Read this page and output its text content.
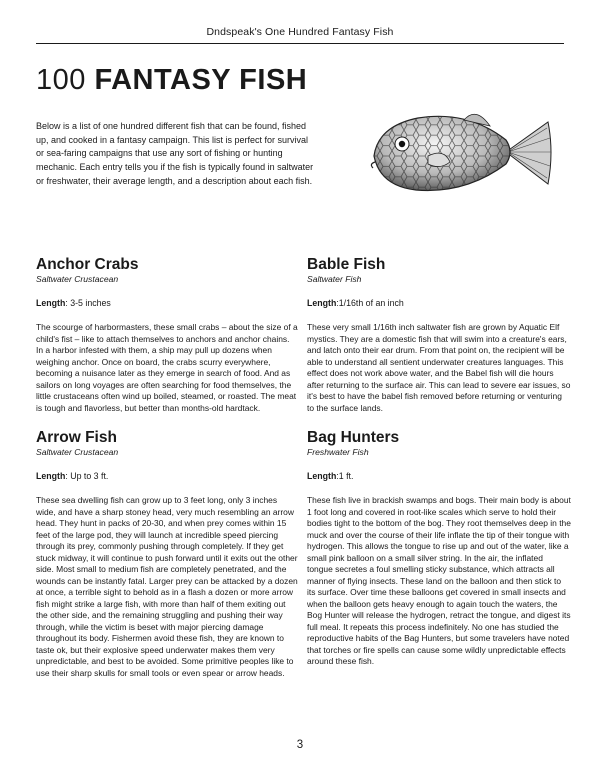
Dndspeak's One Hundred Fantasy Fish
100 FANTASY FISH

Below is a list of one hundred different fish that can be found, fished up, and cooked in a fantasy campaign. This list is perfect for survival or sea-faring campaigns that use any sort of fishing or hunting mechanic. Each entry tells you if the fish is typically found in saltwater or freshwater, their average length, and a description about each fish.

Anchor Crabs
Saltwater Crustacean
Length: 3-5 inches

The scourge of harbormasters, these small crabs – about the size of a child's fist – like to attach themselves to anchors and anchor chains. In a harbor infested with them, a ship may pull up dozens when weighing anchor. Once on board, the crabs scurry everywhere, becoming a nuisance later as they emerge in search of food. And as sailors on long voyages are often searching for food themselves, the little crustaceans often wind up boiled, steamed, or roasted. The meat is tough and flavorless, but better than months-old hardtack.

Bable Fish
Saltwater Fish
Length:1/16th of an inch

These very small 1/16th inch saltwater fish are grown by Aquatic Elf mystics. They are a domestic fish that will swim into a creature's ears, and latch onto their ear drum. From that point on, the recipient will be able to understand all sentient underwater creatures languages. This effect does not work above water, and the Babel fish will die hours after returning to the surface air. This can lead to severe ear issues, so it's best to have the babel fish removed before returning or venturing to the surface lands.

Arrow Fish
Saltwater Crustacean
Length: Up to 3 ft.

These sea dwelling fish can grow up to 3 feet long, only 3 inches wide, and have a sharp stoney head, very much resembling an arrow head. They hunt in packs of 20-30, and when prey comes within 15 feet of the large pod, they will launch at incredible speed piercing through its prey, commonly pushing through completely. If they get stuck midway, it will continue to push forward until it exits out the other side. Most small to medium fish are completely penetrated, and the wounds can be instantly fatal. Larger prey can be attacked by a dozen at once, a terrible sight to behold as in a flash a dozen or more arrow fish might strike a large fish, with more than half of them exiting out the other side, and the remaining struggling and pushing their way through, while the victim is beset with major piercing damage throughout its body. Fishermen avoid these fish, they are known to taste ok, but their explosive speed underwater makes them very unpredictable, and best to be avoided. Some primitive peoples like to use their sharp skulls for small tools or even spear or arrow heads.

Bag Hunters
Freshwater Fish
Length:1 ft.

These fish live in brackish swamps and bogs. Their main body is about 1 foot long and covered in root-like scales which serve to hold their bodies tight to the bottom of the bog. They root themselves deep in the muck and over the course of their life inflate the tip of their tongue with hydrogen. This allows the tongue to rise up and out of the water, like a small pink balloon on a small silver string. In the air, the inflated tongue secretes a foul smelling sticky substance, which attracts all manner of flying insects. These land on the balloon and then stick to its surface. Over time these balloons get covered in small insects and when the balloon gets heavy enough to again touch the waters, the Bog Hunter will release the hydrogen, retract the tongue, and digest its full meal. It repeats this process indefinitely. No one has studied the reproductive habits of the Bag Hunters, but some travelers have noted that torches or fire spells can cause some wildly unpredictable effects around these fish.

3
